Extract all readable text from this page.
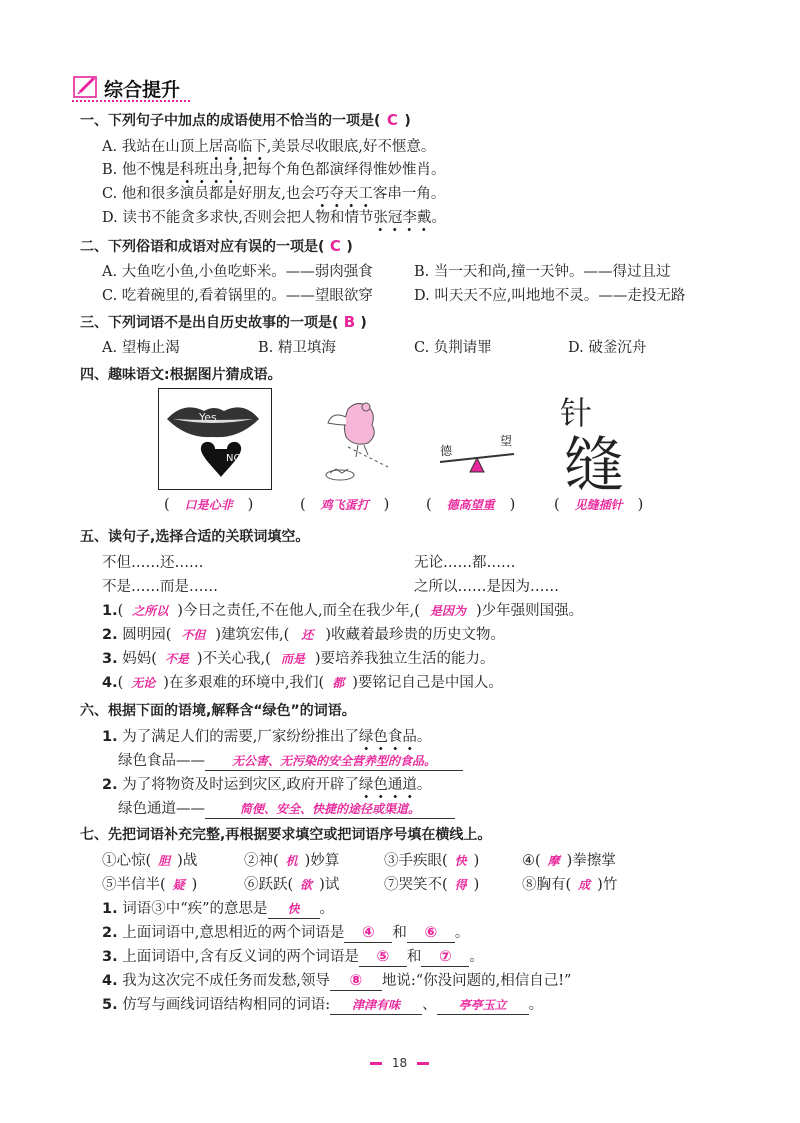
综合提升
一、下列句子中加点的成语使用不恰当的一项是( C )
A. 我站在山顶上居高临下,美景尽收眼底,好不惬意。
B. 他不愧是科班出身,把每个角色都演绎得惟妙惟肖。
C. 他和很多演员都是好朋友,也会巧夺天工客串一角。
D. 读书不能贪多求快,否则会把人物和情节张冠李戴。
二、下列俗语和成语对应有误的一项是( C )
A. 大鱼吃小鱼,小鱼吃虾米。——弱肉强食	B. 当一天和尚,撞一天钟。——得过且过
C. 吃着碗里的,看着锅里的。——望眼欲穿	D. 叫天天不应,叫地地不灵。——走投无路
三、下列词语不是出自历史故事的一项是( B )
A. 望梅止渴	B. 精卫填海	C. 负荆请罪	D. 破釜沉舟
四、趣味语文:根据图片猜成语。
Yes
NO
德
望
针
缝
( 口是心非 )	( 鸡飞蛋打 )	( 德高望重 )	( 见缝插针 )
五、读句子,选择合适的关联词填空。
不但……还……	无论……都……
不是……而是……	之所以……是因为……
1.( 之所以 )今日之责任,不在他人,而全在我少年,( 是因为 )少年强则国强。
2. 圆明园( 不但 )建筑宏伟,( 还 )收藏着最珍贵的历史文物。
3. 妈妈( 不是 )不关心我,( 而是 )要培养我独立生活的能力。
4.( 无论 )在多艰难的环境中,我们( 都 )要铭记自己是中国人。
六、根据下面的语境,解释含“绿色”的词语。
1. 为了满足人们的需要,厂家纷纷推出了绿色食品。
绿色食品—— 无公害、无污染的安全营养型的食品。
2. 为了将物资及时运到灾区,政府开辟了绿色通道。
绿色通道——	简便、安全、快捷的途径或渠道。
七、先把词语补充完整,再根据要求填空或把词语序号填在横线上。
①心惊( 胆 )战	②神( 机 )妙算	③手疾眼( 快 )	④( 摩 )拳擦掌
⑤半信半( 疑 )	⑥跃跃( 欲 )试	⑦哭笑不( 得 )	⑧胸有( 成 )竹
1. 词语③中“疾”的意思是 快 。
2. 上面词语中,意思相近的两个词语是 ④ 和 ⑥ 。
3. 上面词语中,含有反义词的两个词语是 ⑤ 和 ⑦ 。
4. 我为这次完不成任务而发愁,领导 ⑧ 地说:“你没问题的,相信自己!”
5. 仿写与画线词语结构相同的词语: 津津有味 、 亭亭玉立 。
18
